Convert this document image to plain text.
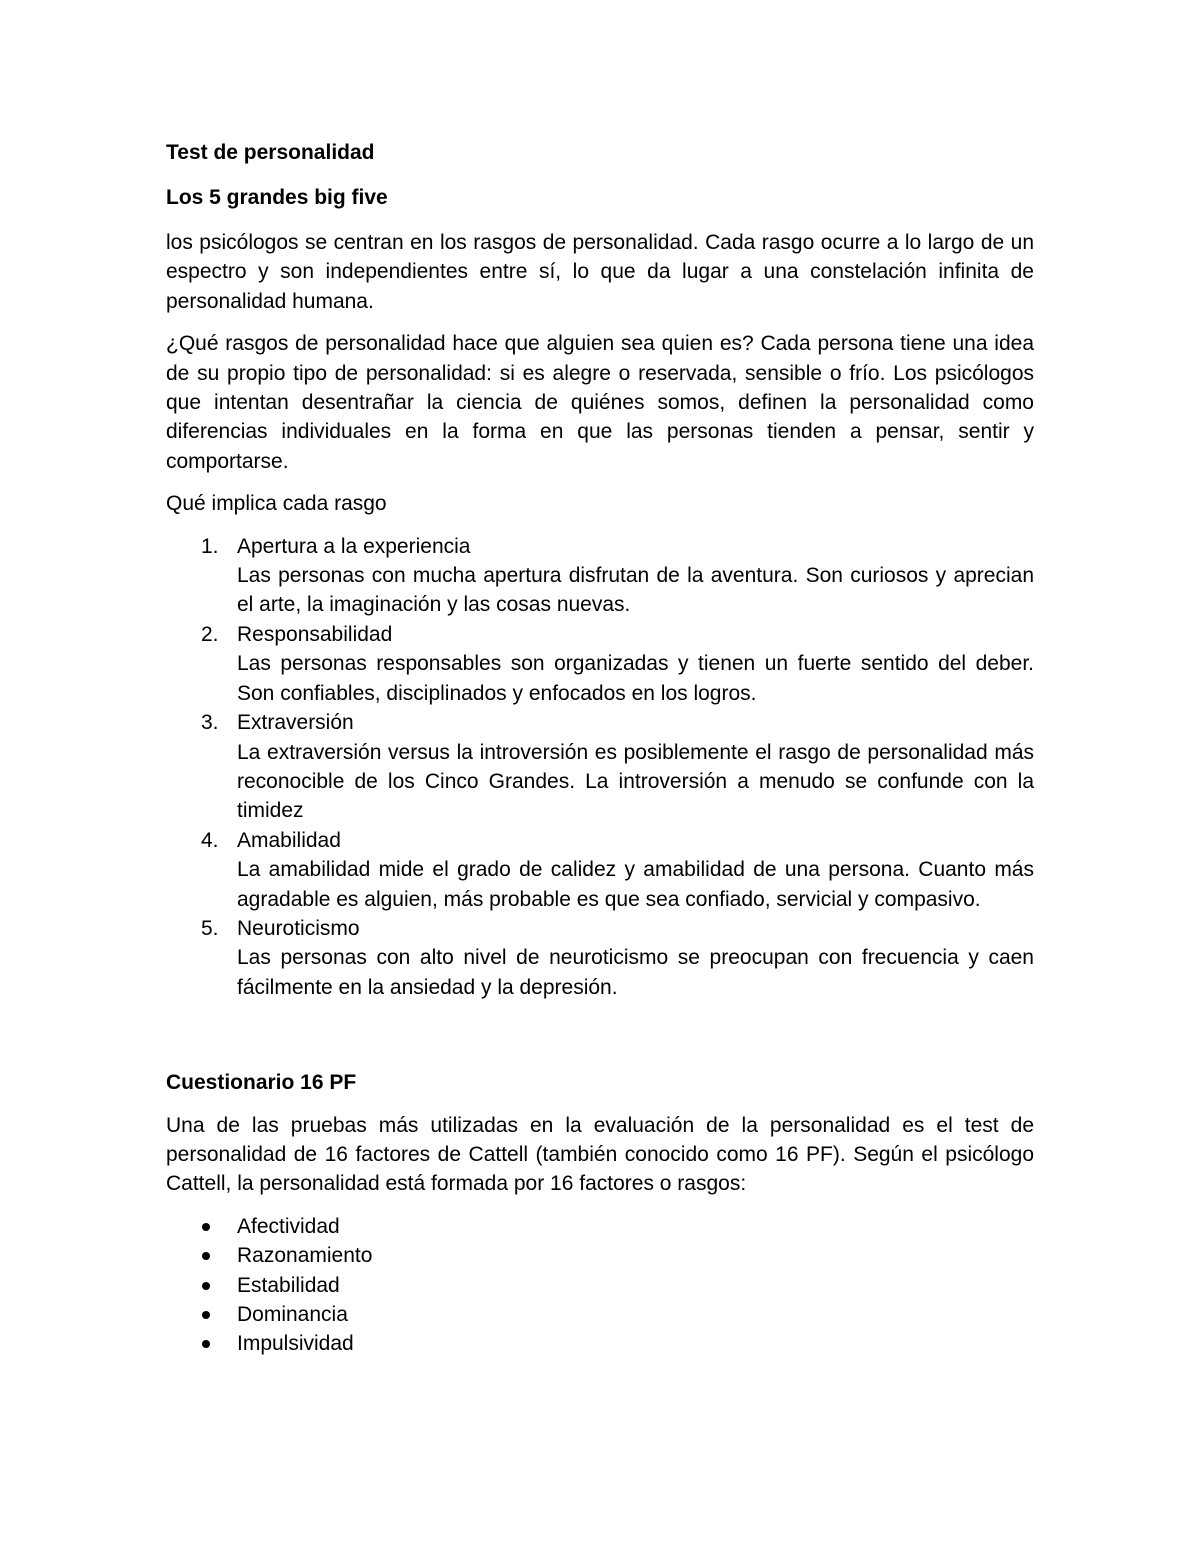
Test de personalidad
Los 5 grandes big five

los psicólogos se centran en los rasgos de personalidad. Cada rasgo ocurre a lo largo de un espectro y son independientes entre sí, lo que da lugar a una constelación infinita de personalidad humana.

¿Qué rasgos de personalidad hace que alguien sea quien es? Cada persona tiene una idea de su propio tipo de personalidad: si es alegre o reservada, sensible o frío. Los psicólogos que intentan desentrañar la ciencia de quiénes somos, definen la personalidad como diferencias individuales en la forma en que las personas tienden a pensar, sentir y comportarse.

Qué implica cada rasgo

1. Apertura a la experiencia
Las personas con mucha apertura disfrutan de la aventura. Son curiosos y aprecian el arte, la imaginación y las cosas nuevas.
2. Responsabilidad
Las personas responsables son organizadas y tienen un fuerte sentido del deber. Son confiables, disciplinados y enfocados en los logros.
3. Extraversión
La extraversión versus la introversión es posiblemente el rasgo de personalidad más reconocible de los Cinco Grandes. La introversión a menudo se confunde con la timidez
4. Amabilidad
La amabilidad mide el grado de calidez y amabilidad de una persona. Cuanto más agradable es alguien, más probable es que sea confiado, servicial y compasivo.
5. Neuroticismo
Las personas con alto nivel de neuroticismo se preocupan con frecuencia y caen fácilmente en la ansiedad y la depresión.
Cuestionario 16 PF

Una de las pruebas más utilizadas en la evaluación de la personalidad es el test de personalidad de 16 factores de Cattell (también conocido como 16 PF). Según el psicólogo Cattell, la personalidad está formada por 16 factores o rasgos:

Afectividad
Razonamiento
Estabilidad
Dominancia
Impulsividad
